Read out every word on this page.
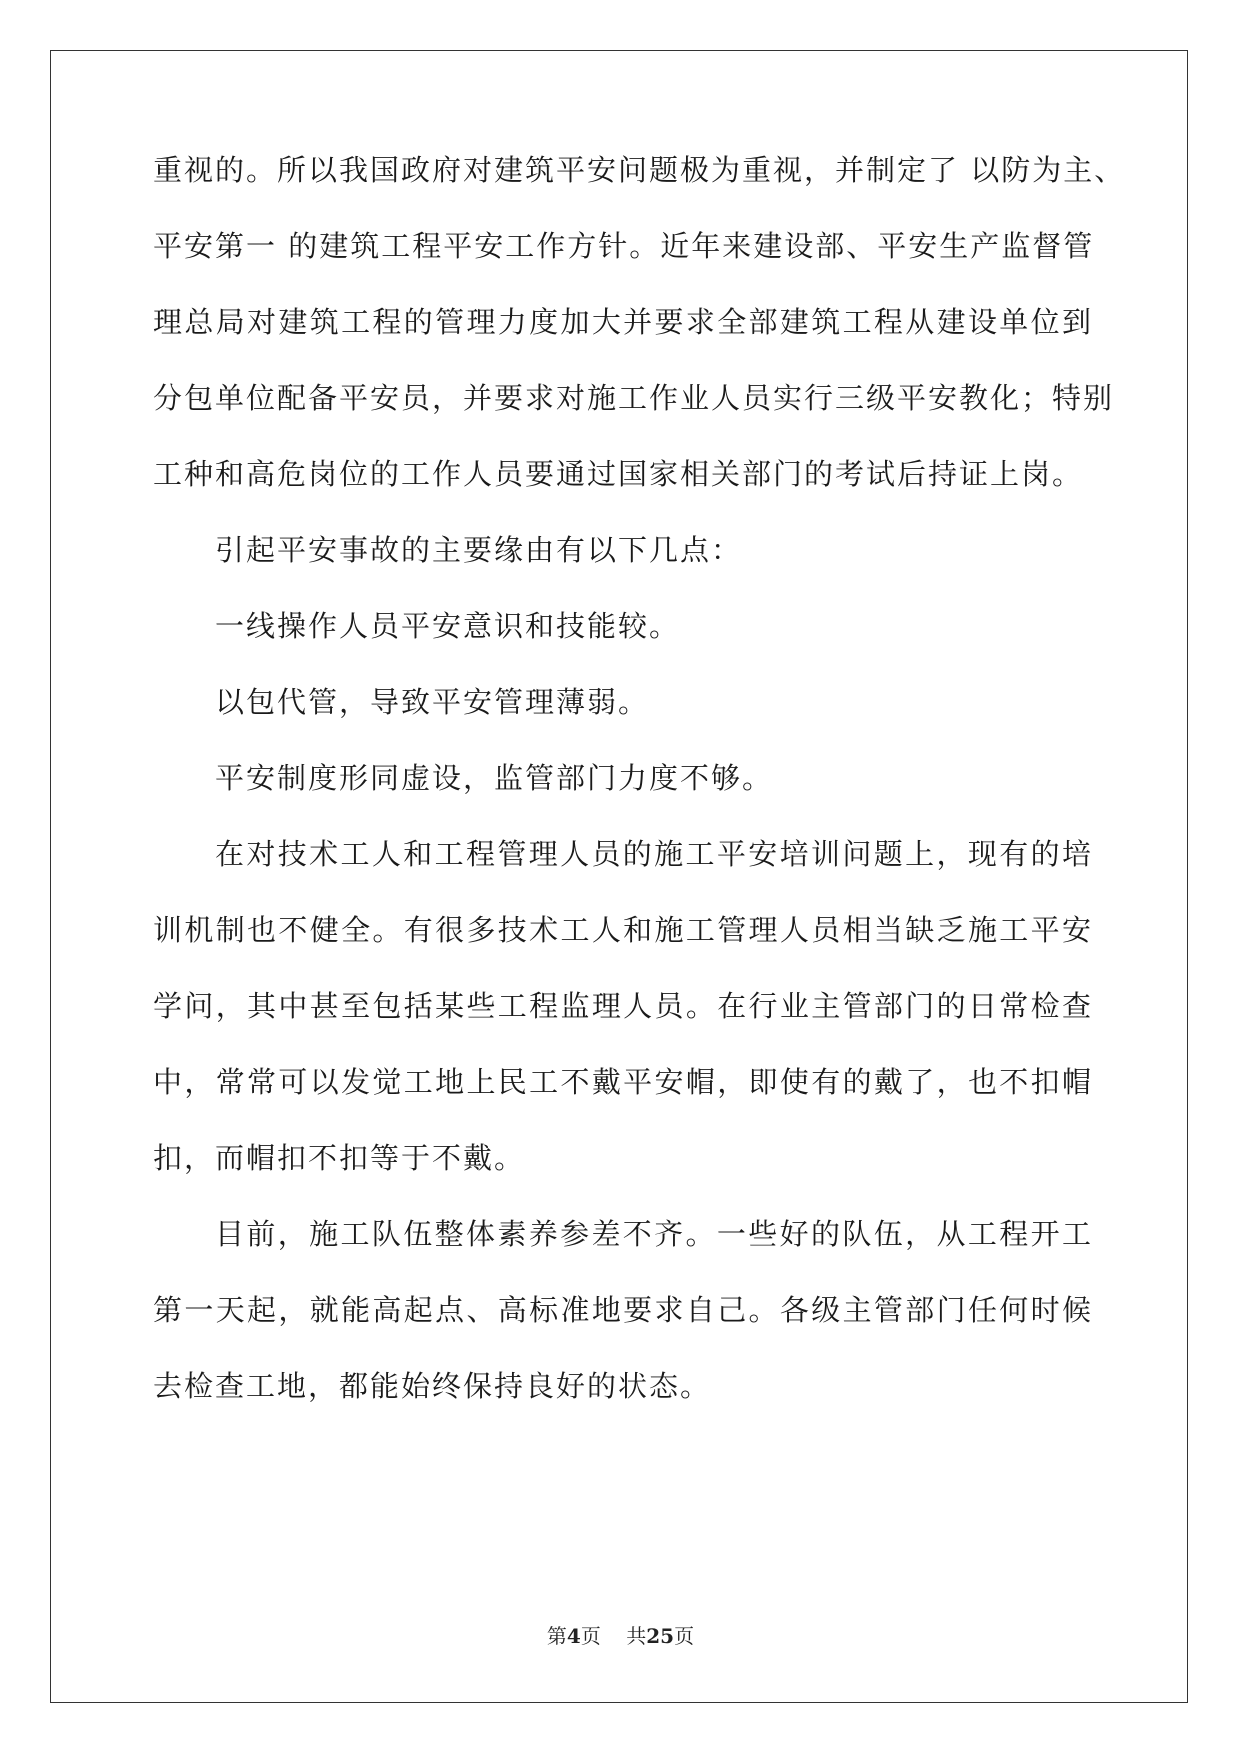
重视的。所以我国政府对建筑平安问题极为重视，并制定了 以防为主、
平安第一 的建筑工程平安工作方针。近年来建设部、平安生产监督管
理总局对建筑工程的管理力度加大并要求全部建筑工程从建设单位到
分包单位配备平安员，并要求对施工作业人员实行三级平安教化；特别
工种和高危岗位的工作人员要通过国家相关部门的考试后持证上岗。
引起平安事故的主要缘由有以下几点：
一线操作人员平安意识和技能较。
以包代管，导致平安管理薄弱。
平安制度形同虚设，监管部门力度不够。
在对技术工人和工程管理人员的施工平安培训问题上，现有的培
训机制也不健全。有很多技术工人和施工管理人员相当缺乏施工平安
学问，其中甚至包括某些工程监理人员。在行业主管部门的日常检查
中，常常可以发觉工地上民工不戴平安帽，即使有的戴了，也不扣帽
扣，而帽扣不扣等于不戴。
目前，施工队伍整体素养参差不齐。一些好的队伍，从工程开工
第一天起，就能高起点、高标准地要求自己。各级主管部门任何时候
去检查工地，都能始终保持良好的状态。
第4页 共25页
